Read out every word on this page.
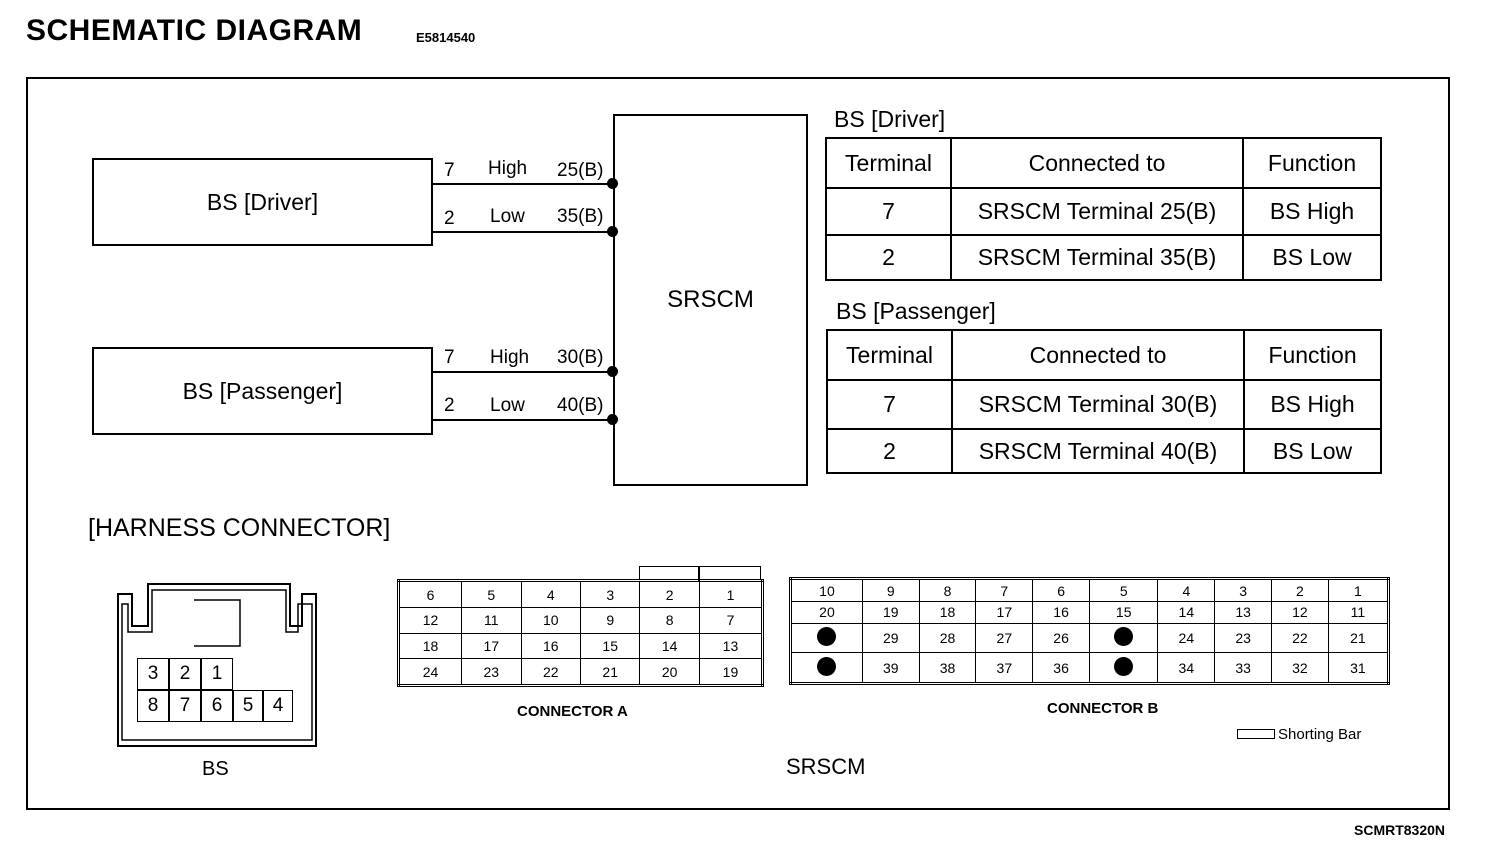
SCHEMATIC DIAGRAM	E5814540
SCMRT8320N
BS [Driver]
BS [Passenger]
SRSCM
7 High 25(B)
2 Low 35(B)
7 High 30(B)
2 Low 40(B)
BS [Driver]
Terminal	Connected to	Function
7	SRSCM Terminal 25(B)	BS High
2	SRSCM Terminal 35(B)	BS Low
BS [Passenger]
Terminal	Connected to	Function
7	SRSCM Terminal 30(B)	BS High
2	SRSCM Terminal 40(B)	BS Low
[HARNESS CONNECTOR]
3	2	1
8	7	6	5	4
BS
6	5	4	3	2	1
12	11	10	9	8	7
18	17	16	15	14	13
24	23	22	21	20	19
CONNECTOR A
10	9	8	7	6	5	4	3	2	1
20	19	18	17	16	15	14	13	12	11
	29	28	27	26		24	23	22	21
	39	38	37	36		34	33	32	31
CONNECTOR B
Shorting Bar
SRSCM
